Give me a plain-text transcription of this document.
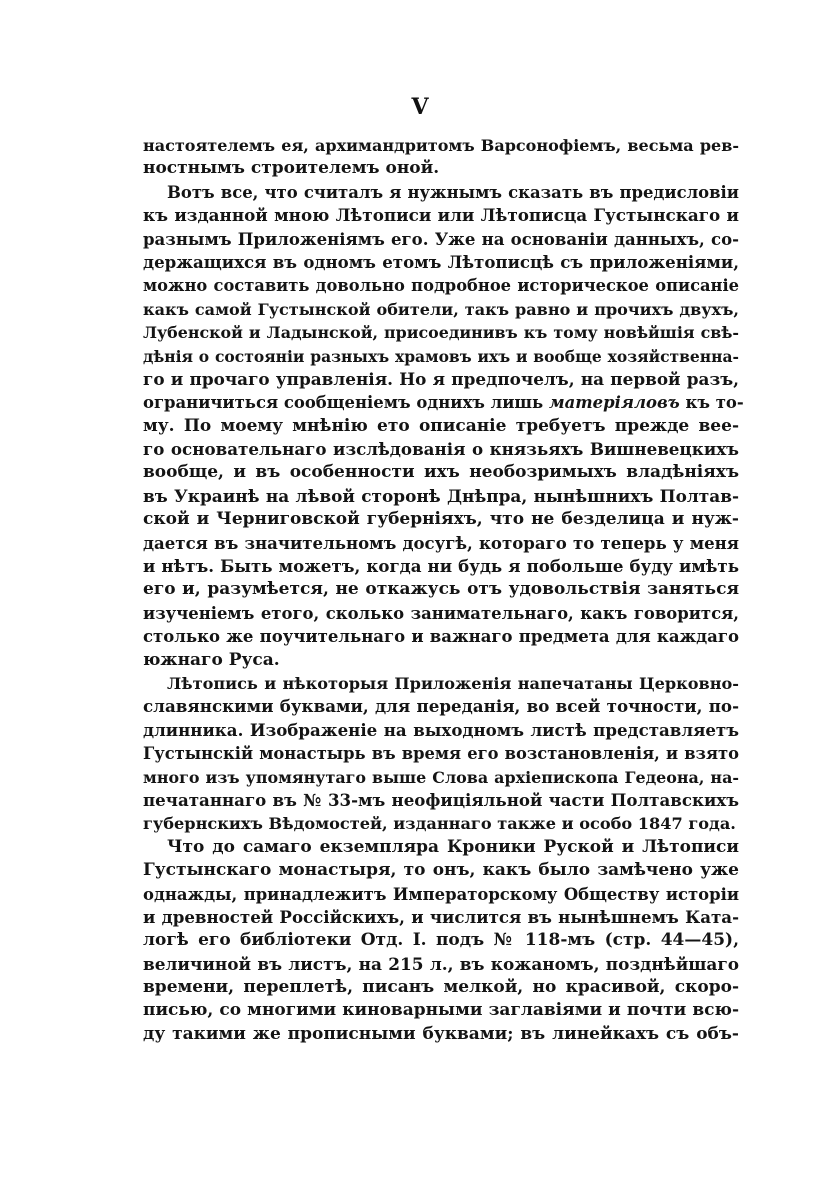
V
настоятелемъ ея, архимандритомъ Варсонофіемъ, весьма рев-
ностнымъ строителемъ оной.
Вотъ все, что считалъ я нужнымъ сказать въ предисловіи
къ изданной мною Лѣтописи или Лѣтописца Густынскаго и
разнымъ Приложеніямъ его. Уже на основаніи данныхъ, со-
держащихся въ одномъ етомъ Лѣтописцѣ съ приложеніями,
можно составить довольно подробное историческое описаніе
какъ самой Густынской обители, такъ равно и прочихъ двухъ,
Лубенской и Ладынской, присоединивъ къ тому новѣйшія свѣ-
дѣнія о состояніи разныхъ храмовъ ихъ и вообще хозяйственна-
го и прочаго управленія. Но я предпочелъ, на первой разъ,
ограничиться сообщеніемъ однихъ лишь матеріяловъ къ то-
му. По моему мнѣнію ето описаніе требуетъ прежде вее-
го основательнаго изслѣдованія о князьяхъ Вишневецкихъ
вообще, и въ особенности ихъ необозримыхъ владѣніяхъ
въ Украинѣ на лѣвой сторонѣ Днѣпра, нынѣшнихъ Полтав-
ской и Черниговской губерніяхъ, что не безделица и нуж-
дается въ значительномъ досугѣ, котораго то теперь у меня
и нѣтъ. Быть можетъ, когда ни будь я побольше буду имѣть
его и, разумѣется, не откажусь отъ удовольствія заняться
изученіемъ етого, сколько занимательнаго, какъ говорится,
столько же поучительнаго и важнаго предмета для каждаго
южнаго Руса.
Лѣтопись и нѣкоторыя Приложенія напечатаны Церковно-
славянскими буквами, для переданія, во всей точности, по-
длинника. Изображеніе на выходномъ листѣ представляетъ
Густынскій монастырь въ время его возстановленія, и взято
много изъ упомянутаго выше Слова архіепископа Гедеона, на-
печатаннаго въ № 33-мъ неофиціяльной части Полтавскихъ
губернскихъ Вѣдомостей, изданнаго также и особо 1847 года.
Что до самаго екземпляра Кроники Руской и Лѣтописи
Густынскаго монастыря, то онъ, какъ было замѣчено уже
однажды, принадлежитъ Императорскому Обществу исторіи
и древностей Россійскихъ, и числится въ нынѣшнемъ Ката-
логѣ его библіотеки Отд. I. подъ № 118-мъ (стр. 44—45),
величиной въ листъ, на 215 л., въ кожаномъ, позднѣйшаго
времени, переплетѣ, писанъ мелкой, но красивой, скоро-
писью, со многими киноварными заглавіями и почти всю-
ду такими же прописными буквами; въ линейкахъ съ объ-
